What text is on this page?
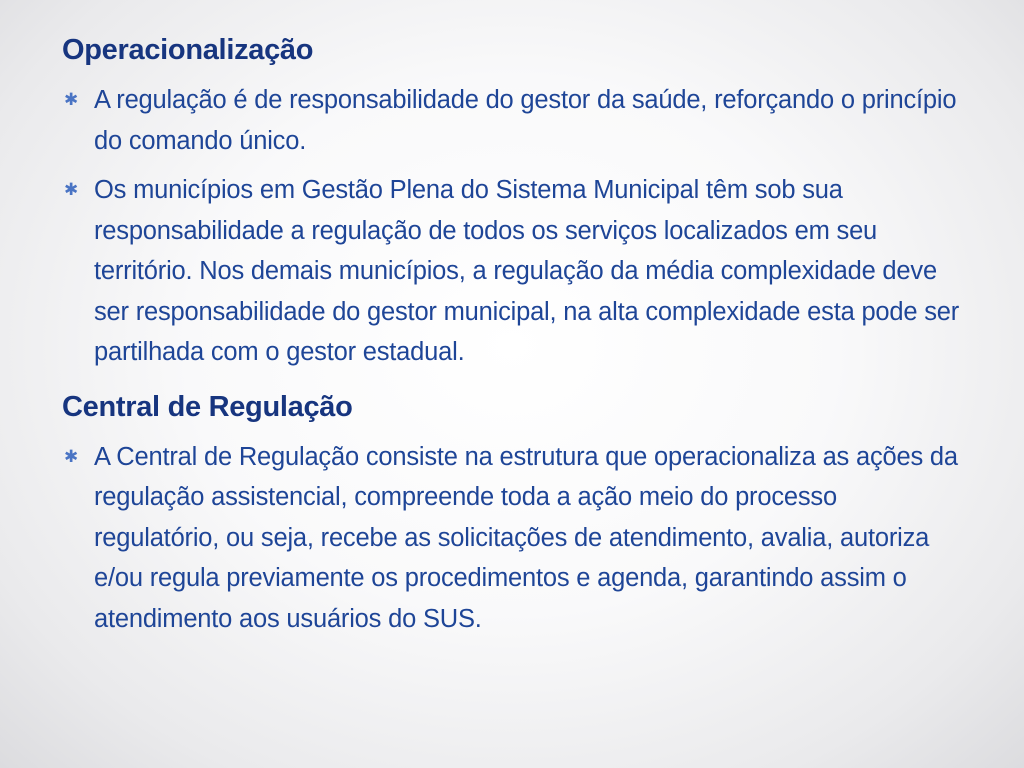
Operacionalização
✱ A regulação é de responsabilidade do gestor da saúde, reforçando o princípio do comando único.
✱ Os municípios em Gestão Plena do Sistema Municipal têm sob sua responsabilidade a regulação de todos os serviços localizados em seu território. Nos demais municípios, a regulação da média complexidade deve ser responsabilidade do gestor municipal, na alta complexidade esta pode ser partilhada com o gestor estadual.
Central de Regulação
✱ A Central de Regulação consiste na estrutura que operacionaliza as ações da regulação assistencial, compreende toda a ação meio do processo regulatório, ou seja, recebe as solicitações de atendimento, avalia, autoriza e/ou regula previamente os procedimentos e agenda, garantindo assim o atendimento aos usuários do SUS.
